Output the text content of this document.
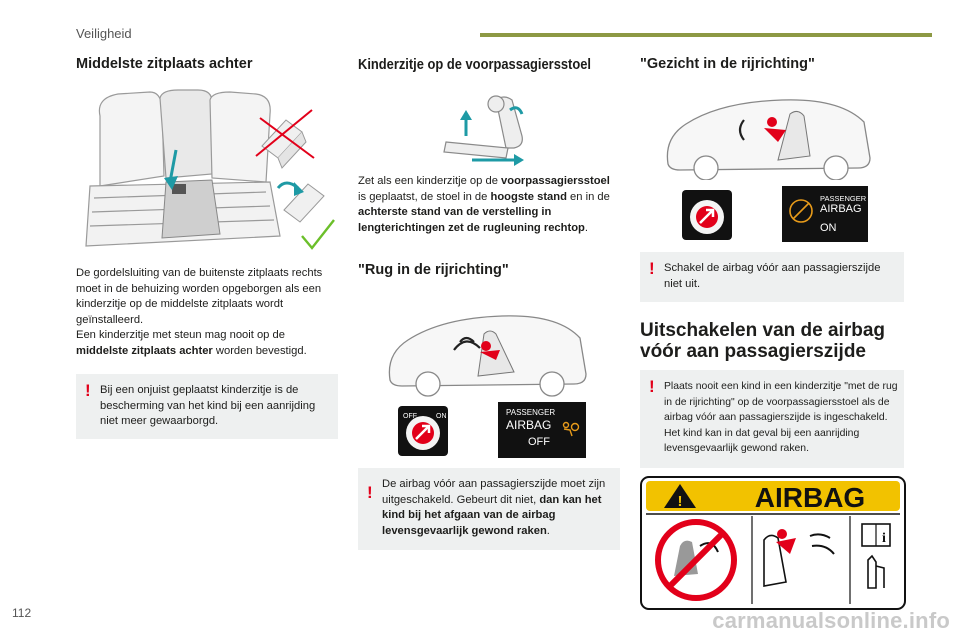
Veiligheid
Middelste zitplaats achter

De gordelsluiting van de buitenste zitplaats rechts moet in de behuizing worden opgeborgen als een kinderzitje op de middelste zitplaats wordt geïnstalleerd.

Een kinderzitje met steun mag nooit op de middelste zitplaats achter worden bevestigd.

! Bij een onjuist geplaatst kinderzitje is de bescherming van het kind bij een aanrijding niet meer gewaarborgd.
Kinderzitje op de voorpassagiersstoel

Zet als een kinderzitje op de voorpassagiersstoel is geplaatst, de stoel in de hoogste stand en in de achterste stand van de verstelling in lengterichtingen zet de rugleuning rechtop.

"Rug in de rijrichting"
OFF	ON	PASSENGER
AIRBAG
OFF
! De airbag vóór aan passagierszijde moet zijn uitgeschakeld. Gebeurt dit niet, dan kan het kind bij het afgaan van de airbag levensgevaarlijk gewond raken.
"Gezicht in de rijrichting"
PASSENGER
AIRBAG
ON
! Schakel de airbag vóór aan passagierszijde niet uit.
Uitschakelen van de airbag
vóór aan passagierszijde
! Plaats nooit een kind in een kinderzitje "met de rug in de rijrichting" op de voorpassagiersstoel als de airbag vóór aan passagierszijde is ingeschakeld. Het kind kan in dat geval bij een aanrijding levensgevaarlijk gewond raken.
!	AIRBAG
i
112	carmanualsonline.info
